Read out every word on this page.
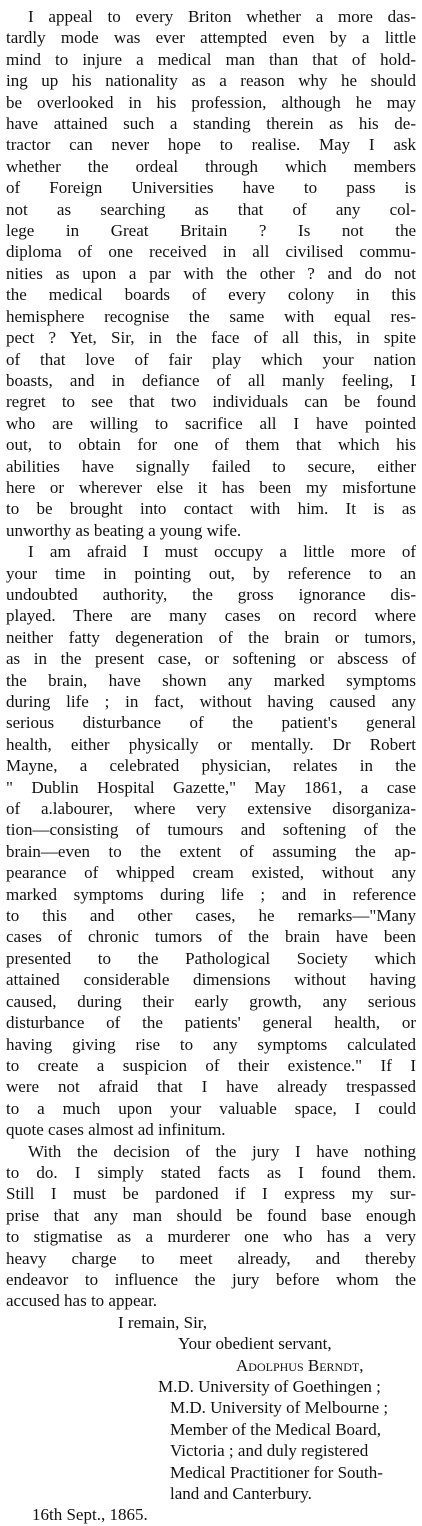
I appeal to every Briton whether a more das-
tardly mode was ever attempted even by a little
mind to injure a medical man than that of hold-
ing up his nationality as a reason why he should
be overlooked in his profession, although he may
have attained such a standing therein as his de-
tractor can never hope to realise. May I ask
whether the ordeal through which members
of Foreign Universities have to pass is
not as searching as that of any col-
lege in Great Britain ? Is not the
diploma of one received in all civilised commu-
nities as upon a par with the other ? and do not
the medical boards of every colony in this
hemisphere recognise the same with equal res-
pect ? Yet, Sir, in the face of all this, in spite
of that love of fair play which your nation
boasts, and in defiance of all manly feeling, I
regret to see that two individuals can be found
who are willing to sacrifice all I have pointed
out, to obtain for one of them that which his
abilities have signally failed to secure, either
here or wherever else it has been my misfortune
to be brought into contact with him. It is as
unworthy as beating a young wife.
I am afraid I must occupy a little more of
your time in pointing out, by reference to an
undoubted authority, the gross ignorance dis-
played. There are many cases on record where
neither fatty degeneration of the brain or tumors,
as in the present case, or softening or abscess of
the brain, have shown any marked symptoms
during life ; in fact, without having caused any
serious disturbance of the patient's general
health, either physically or mentally. Dr Robert
Mayne, a celebrated physician, relates in the
" Dublin Hospital Gazette," May 1861, a case
of a.labourer, where very extensive disorganiza-
tion—consisting of tumours and softening of the
brain—even to the extent of assuming the ap-
pearance of whipped cream existed, without any
marked symptoms during life ; and in reference
to this and other cases, he remarks—"Many
cases of chronic tumors of the brain have been
presented to the Pathological Society which
attained considerable dimensions without having
caused, during their early growth, any serious
disturbance of the patients' general health, or
having giving rise to any symptoms calculated
to create a suspicion of their existence." If I
were not afraid that I have already trespassed
to a much upon your valuable space, I could
quote cases almost ad infinitum.
With the decision of the jury I have nothing
to do. I simply stated facts as I found them.
Still I must be pardoned if I express my sur-
prise that any man should be found base enough
to stigmatise as a murderer one who has a very
heavy charge to meet already, and thereby
endeavor to influence the jury before whom the
accused has to appear.

I remain, Sir,

Your obedient servant,

Adolphus Berndt,

M.D. University of Goethingen ;

M.D. University of Melbourne ;

Member of the Medical Board,

Victoria ; and duly registered

Medical Practitioner for South-

land and Canterbury.

16th Sept., 1865.
